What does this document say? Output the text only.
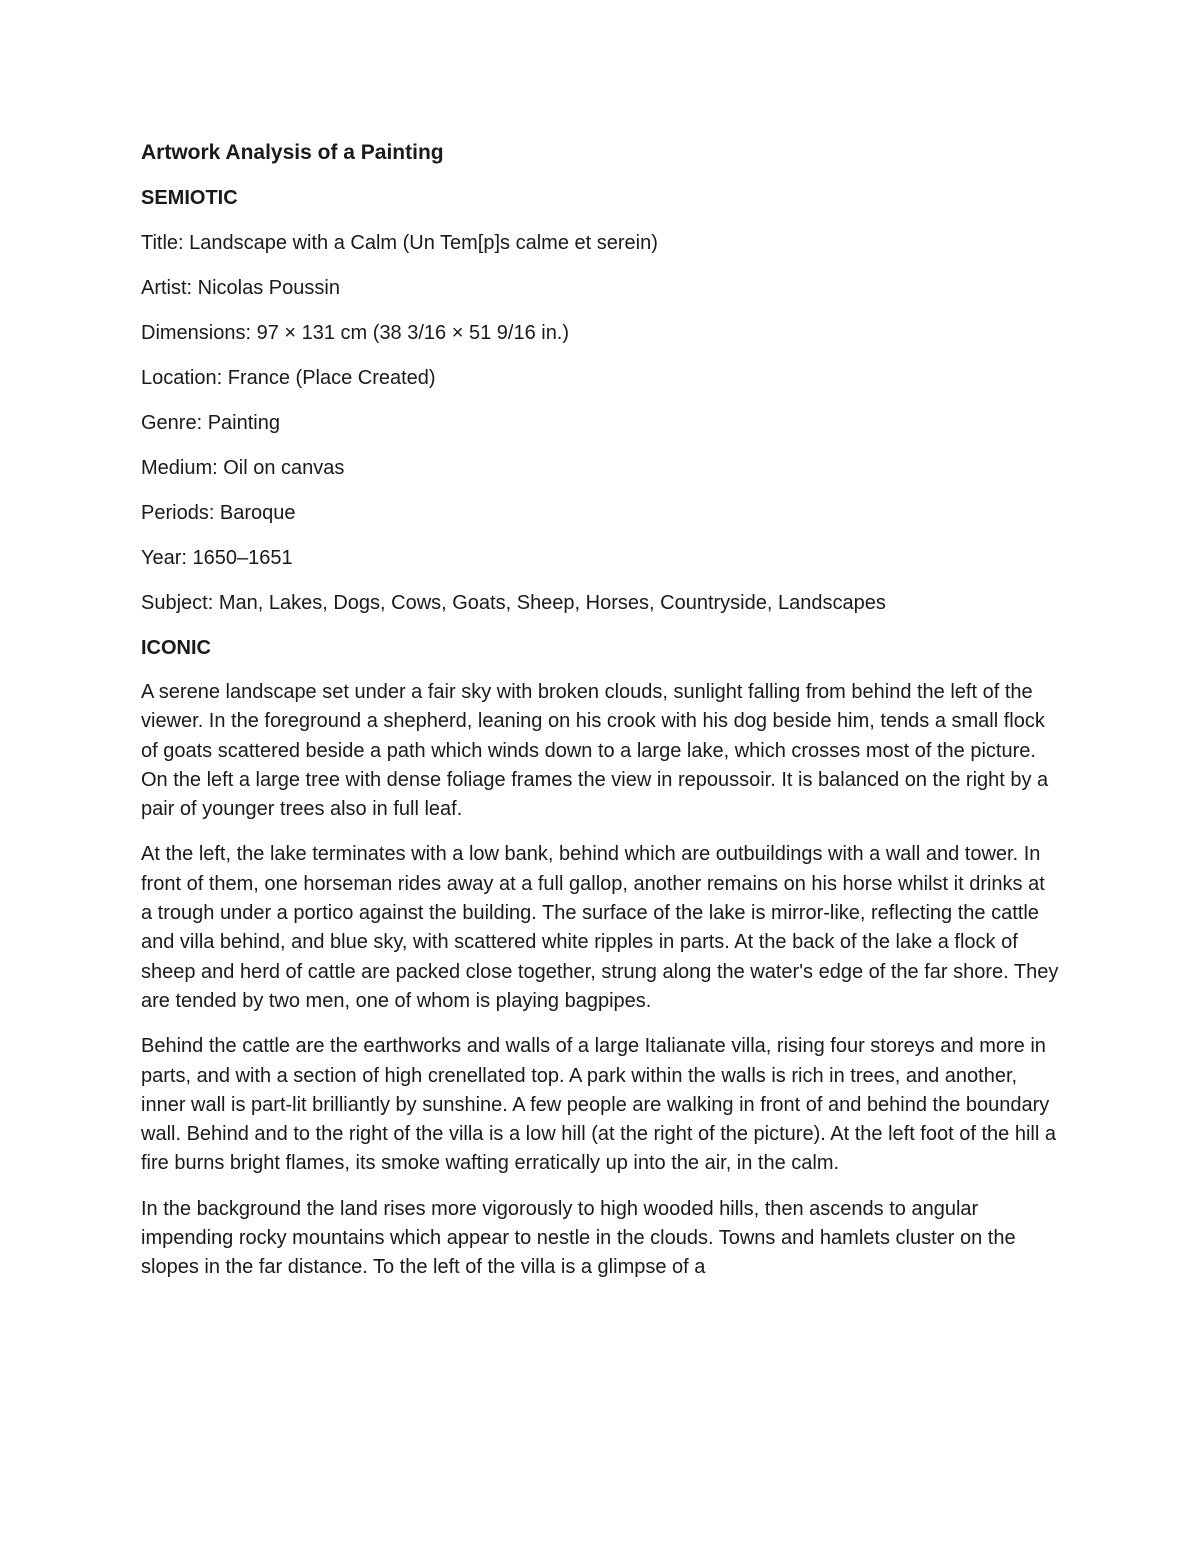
Artwork Analysis of a Painting
SEMIOTIC
Title: Landscape with a Calm (Un Tem[p]s calme et serein)
Artist: Nicolas Poussin
Dimensions: 97 × 131 cm (38 3/16 × 51 9/16 in.)
Location: France (Place Created)
Genre: Painting
Medium: Oil on canvas
Periods: Baroque
Year: 1650–1651
Subject: Man, Lakes, Dogs, Cows, Goats, Sheep, Horses, Countryside, Landscapes
ICONIC

A serene landscape set under a fair sky with broken clouds, sunlight falling from behind the left of the viewer. In the foreground a shepherd, leaning on his crook with his dog beside him, tends a small flock of goats scattered beside a path which winds down to a large lake, which crosses most of the picture. On the left a large tree with dense foliage frames the view in repoussoir. It is balanced on the right by a pair of younger trees also in full leaf.

At the left, the lake terminates with a low bank, behind which are outbuildings with a wall and tower. In front of them, one horseman rides away at a full gallop, another remains on his horse whilst it drinks at a trough under a portico against the building. The surface of the lake is mirror-like, reflecting the cattle and villa behind, and blue sky, with scattered white ripples in parts. At the back of the lake a flock of sheep and herd of cattle are packed close together, strung along the water's edge of the far shore. They are tended by two men, one of whom is playing bagpipes.

Behind the cattle are the earthworks and walls of a large Italianate villa, rising four storeys and more in parts, and with a section of high crenellated top. A park within the walls is rich in trees, and another, inner wall is part-lit brilliantly by sunshine. A few people are walking in front of and behind the boundary wall. Behind and to the right of the villa is a low hill (at the right of the picture). At the left foot of the hill a fire burns bright flames, its smoke wafting erratically up into the air, in the calm.

In the background the land rises more vigorously to high wooded hills, then ascends to angular impending rocky mountains which appear to nestle in the clouds. Towns and hamlets cluster on the slopes in the far distance. To the left of the villa is a glimpse of a
